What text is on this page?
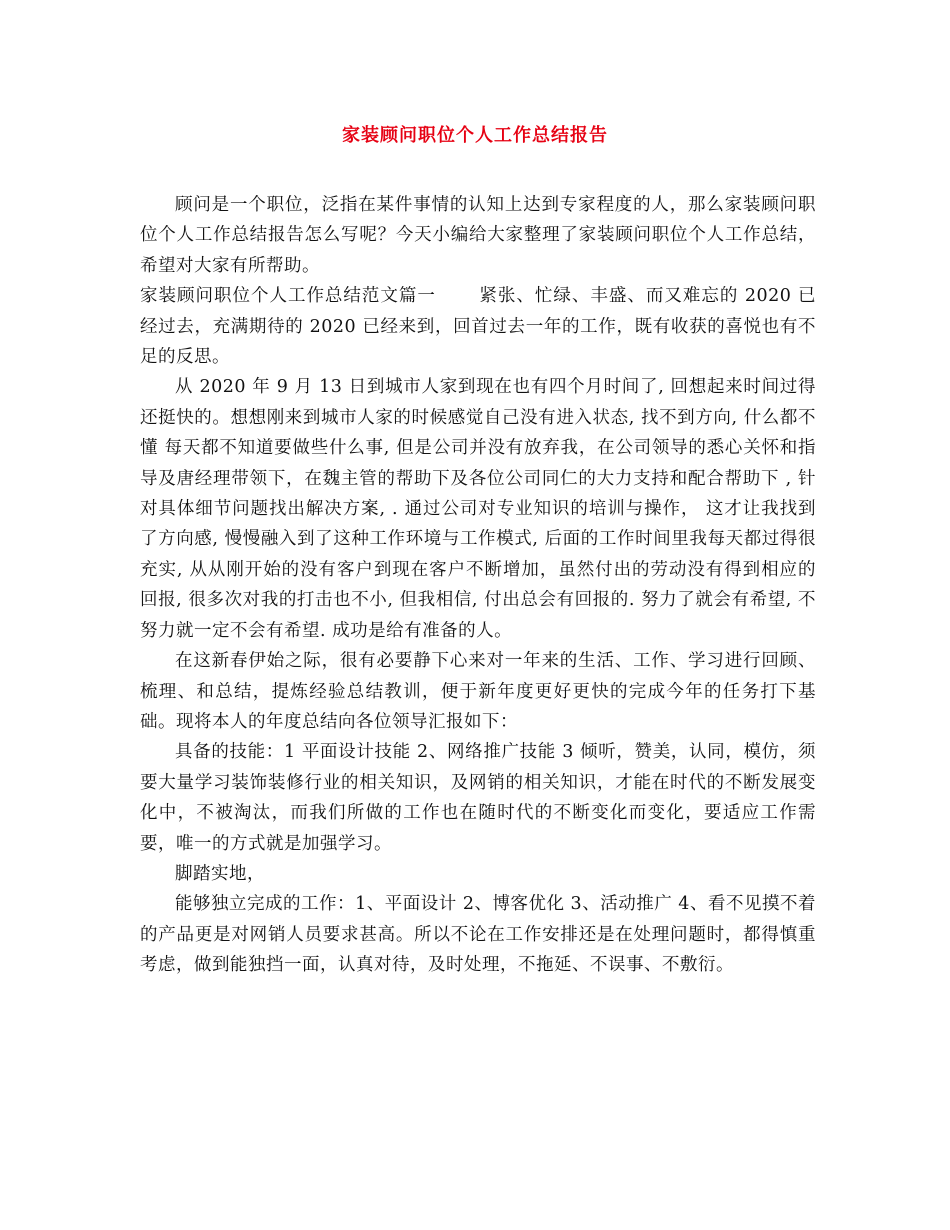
家装顾问职位个人工作总结报告

顾问是一个职位，泛指在某件事情的认知上达到专家程度的人，那么家装顾问职位个人工作总结报告怎么写呢？今天小编给大家整理了家装顾问职位个人工作总结，希望对大家有所帮助。

家装顾问职位个人工作总结范文篇一 　　紧张、忙绿、丰盛、而又难忘的 2020 已经过去，充满期待的 2020 已经来到，回首过去一年的工作，既有收获的喜悦也有不足的反思。

从 2020 年 9 月 13 日到城市人家到现在也有四个月时间了, 回想起来时间过得还挺快的。想想刚来到城市人家的时候感觉自己没有进入状态, 找不到方向, 什么都不懂 每天都不知道要做些什么事, 但是公司并没有放弃我，在公司领导的悉心关怀和指导及唐经理带领下，在魏主管的帮助下及各位公司同仁的大力支持和配合帮助下 , 针对具体细节问题找出解决方案, . 通过公司对专业知识的培训与操作， 这才让我找到了方向感, 慢慢融入到了这种工作环境与工作模式, 后面的工作时间里我每天都过得很充实, 从从刚开始的没有客户到现在客户不断增加，虽然付出的劳动没有得到相应的回报, 很多次对我的打击也不小, 但我相信, 付出总会有回报的. 努力了就会有希望, 不努力就一定不会有希望. 成功是给有准备的人。

在这新春伊始之际，很有必要静下心来对一年来的生活、工作、学习进行回顾、梳理、和总结，提炼经验总结教训，便于新年度更好更快的完成今年的任务打下基础。现将本人的年度总结向各位领导汇报如下：

具备的技能：1 平面设计技能 2、网络推广技能 3 倾听，赞美，认同，模仿，须要大量学习装饰装修行业的相关知识，及网销的相关知识，才能在时代的不断发展变化中，不被淘汰，而我们所做的工作也在随时代的不断变化而变化，要适应工作需要，唯一的方式就是加强学习。

脚踏实地，

能够独立完成的工作：1、平面设计 2、博客优化 3、活动推广 4、看不见摸不着的产品更是对网销人员要求甚高。所以不论在工作安排还是在处理问题时，都得慎重考虑，做到能独挡一面，认真对待，及时处理，不拖延、不误事、不敷衍。
